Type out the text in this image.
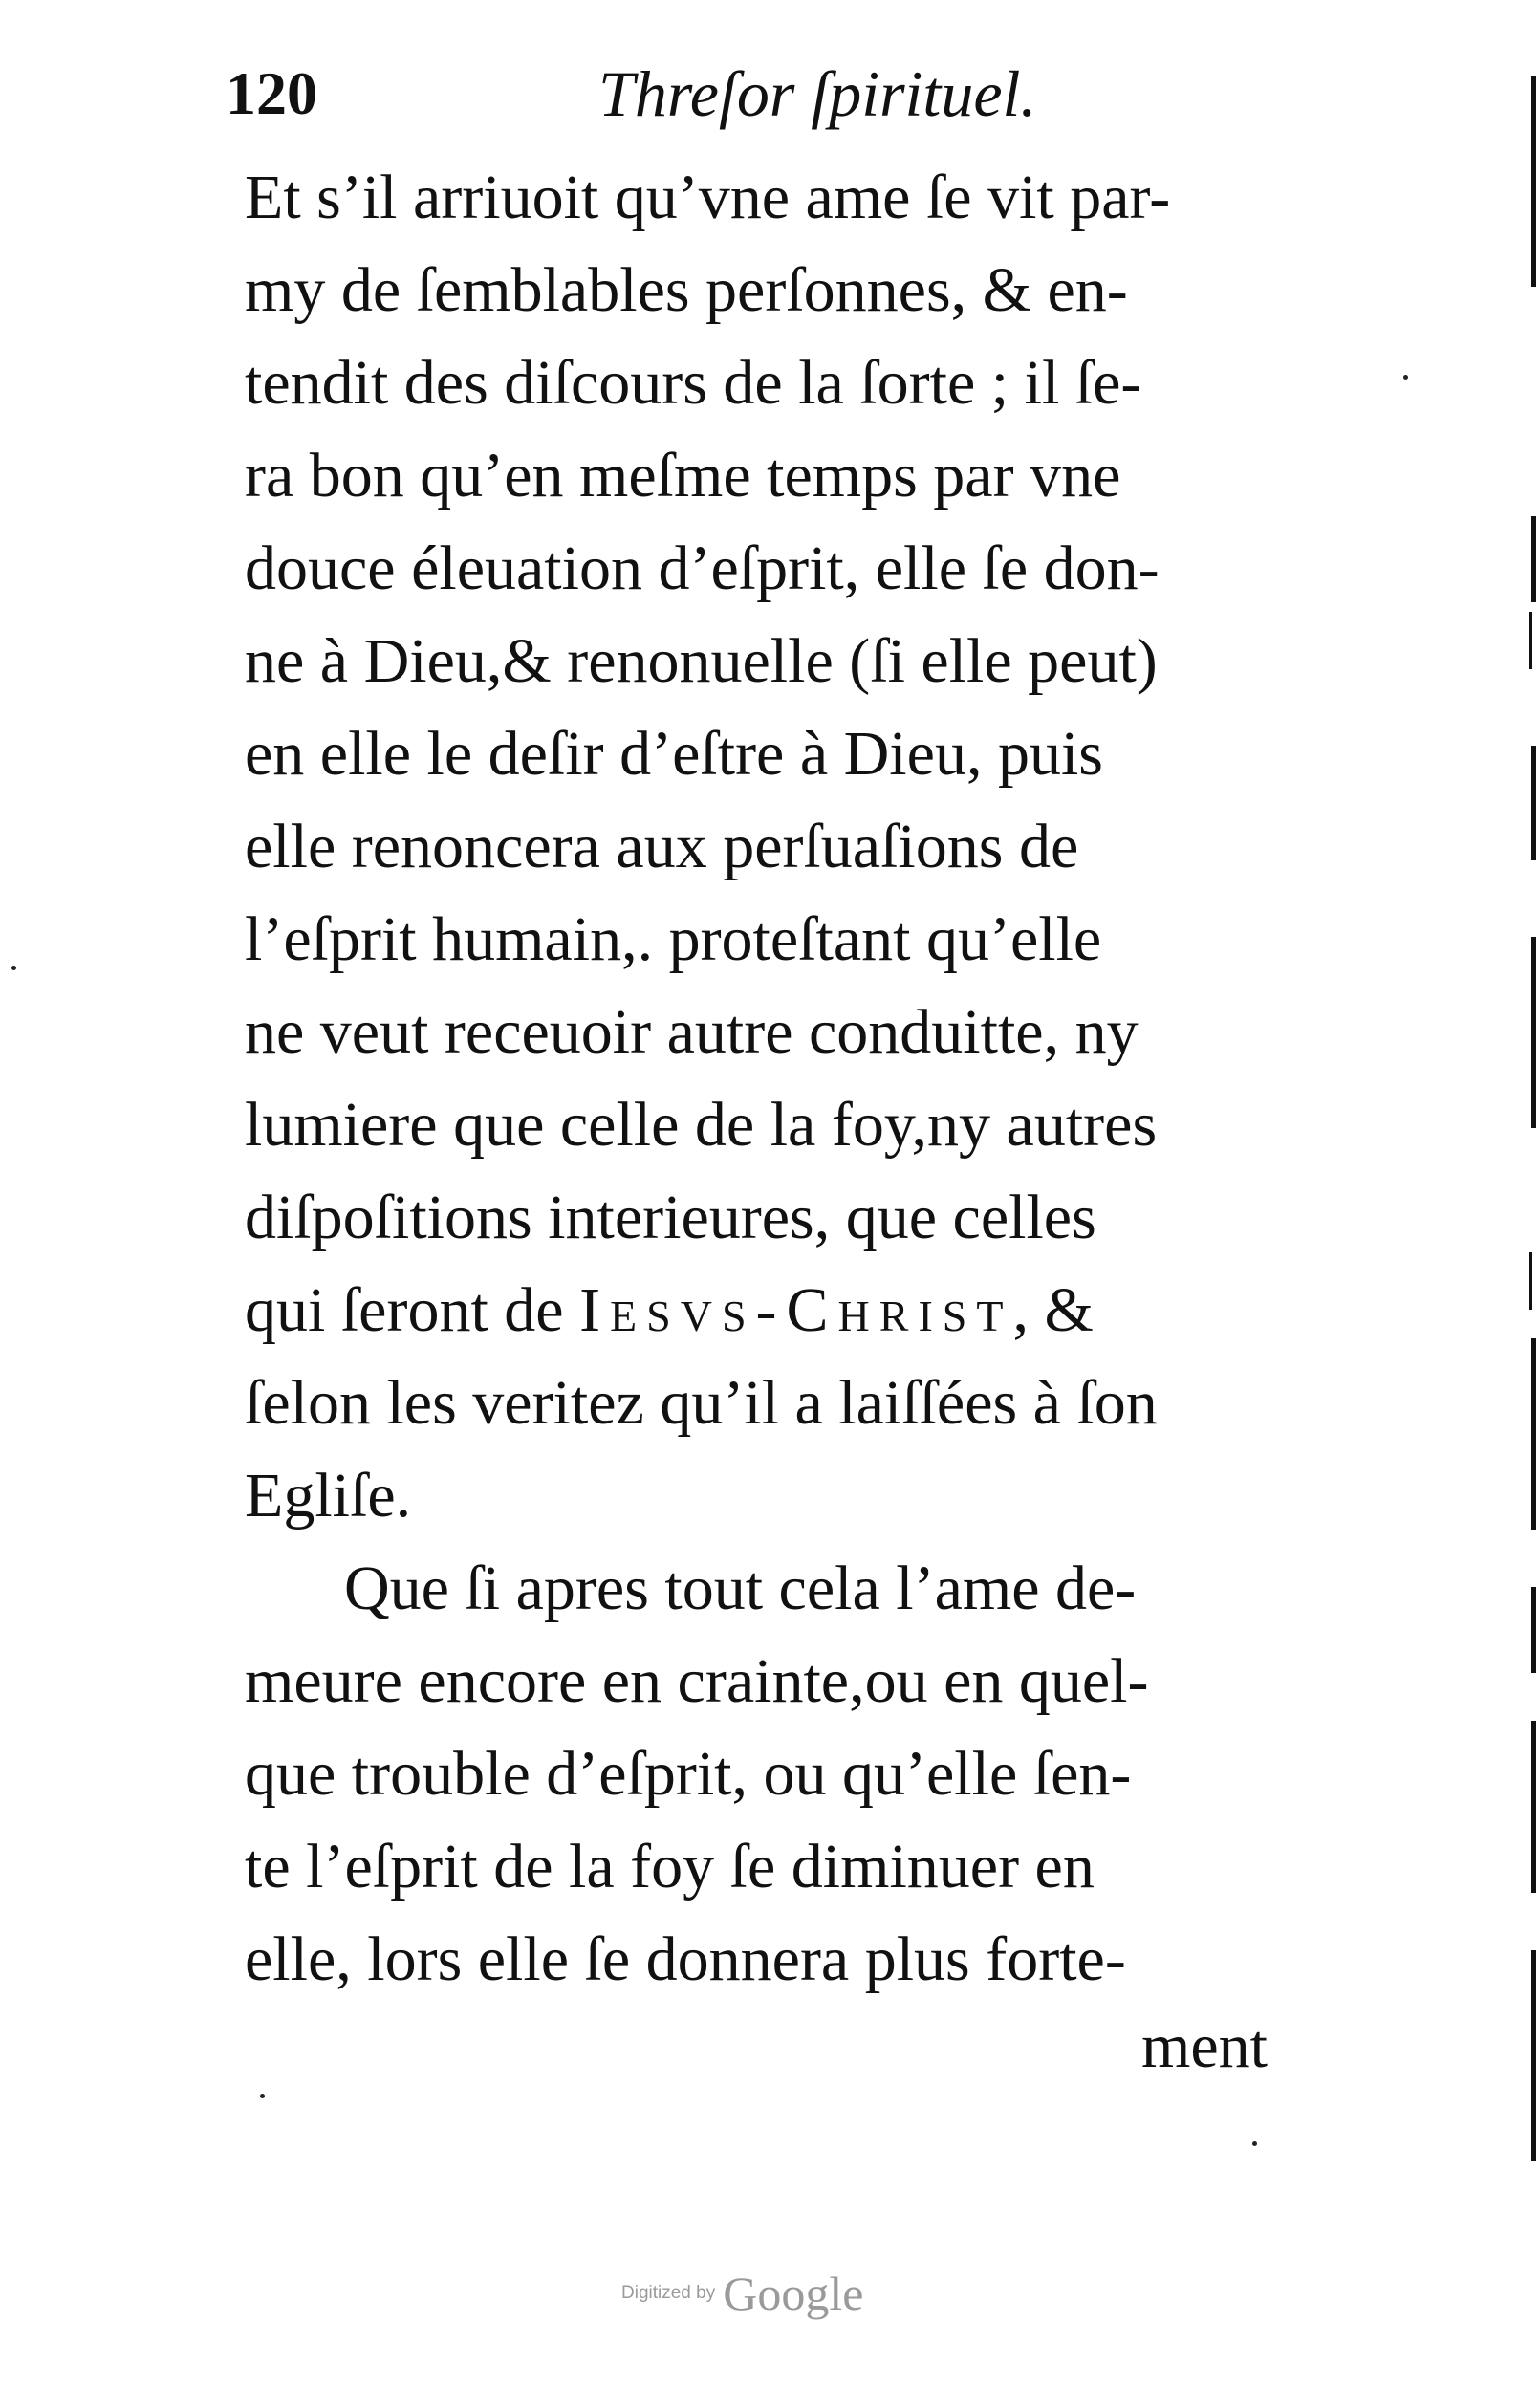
120	Threſor ſpirituel.
Et s’il arriuoit qu’vne ame ſe vit par-
my de ſemblables perſonnes, & en-
tendit des diſcours de la ſorte ; il ſe-
ra bon qu’en meſme temps par vne
douce éleuation d’eſprit, elle ſe don-
ne à Dieu,& renonuelle (ſi elle peut)
en elle le deſir d’eſtre à Dieu, puis
elle renoncera aux perſuaſions de
l’eſprit humain,. proteſtant qu’elle
ne veut receuoir autre conduitte, ny
lumiere que celle de la foy,ny autres
diſpoſitions interieures, que celles
qui ſeront de Iesvs-Christ, &
ſelon les veritez qu’il a laiſſées à ſon
Egliſe.
Que ſi apres tout cela l’ame de-
meure encore en crainte,ou en quel-
que trouble d’eſprit, ou qu’elle ſen-
te l’eſprit de la foy ſe diminuer en
elle, lors elle ſe donnera plus forte-
ment
Digitized by Google
